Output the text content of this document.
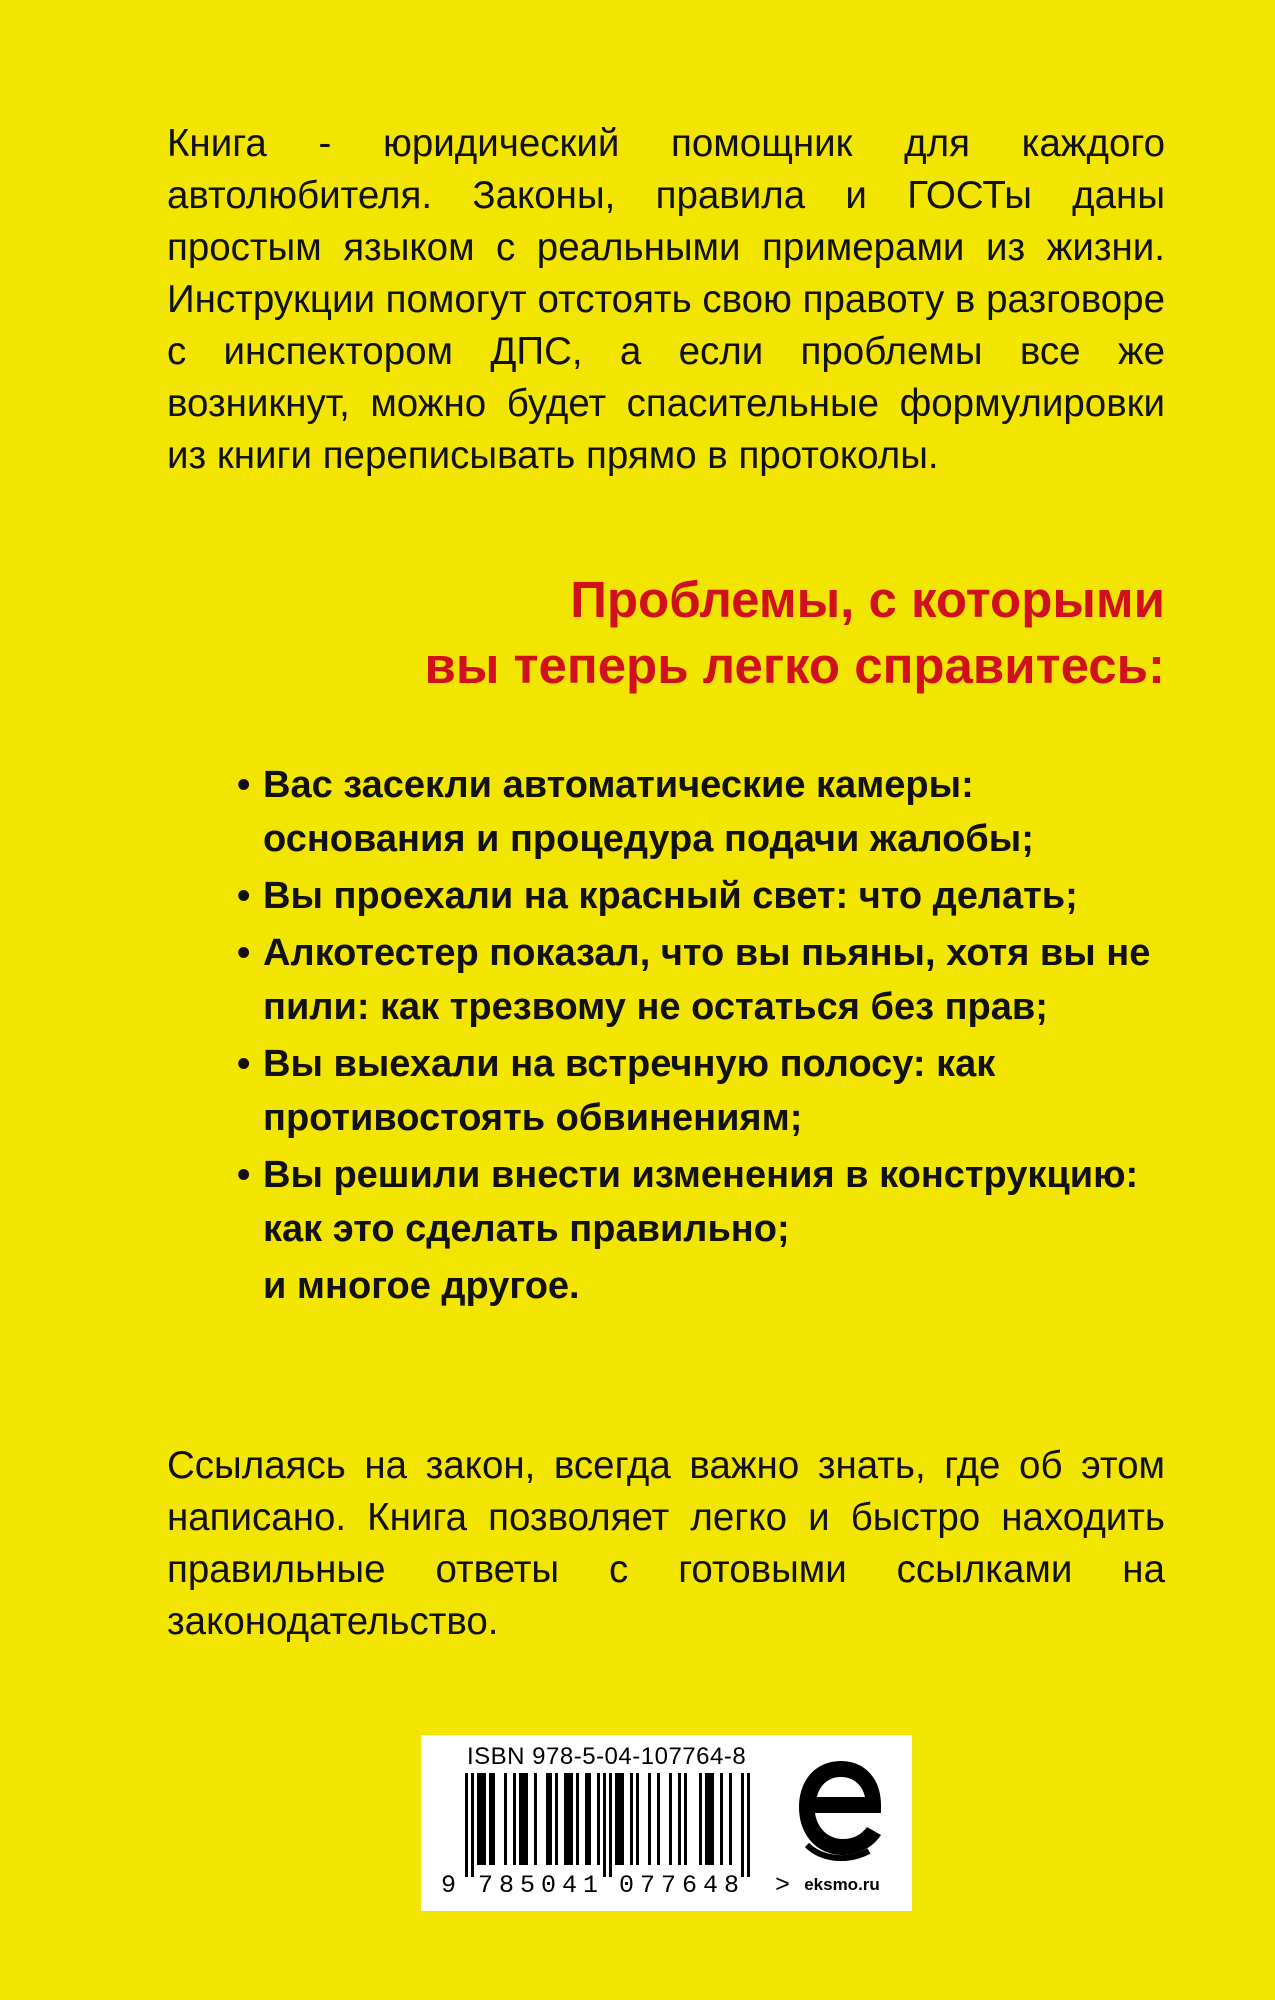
Книга - юридический помощник для каждого автолюбителя. Законы, правила и ГОСТы даны простым языком с реальными примерами из жизни. Инструкции помогут отстоять свою правоту в разговоре с инспектором ДПС, а если проблемы все же возникнут, можно будет спасительные формулировки из книги переписывать прямо в протоколы.

Проблемы, с которыми
вы теперь легко справитесь:
• Вас засекли автоматические камеры: основания и процедура подачи жалобы;
• Вы проехали на красный свет: что делать;
• Алкотестер показал, что вы пьяны, хотя вы не пили: как трезвому не остаться без прав;
• Вы выехали на встречную полосу: как противостоять обвинениям;
• Вы решили внести изменения в конструкцию: как это сделать правильно;
и многое другое.

Ссылаясь на закон, всегда важно знать, где об этом написано. Книга позволяет легко и быстро находить правильные ответы с готовыми ссылками на законодательство.

ISBN 978-5-04-107764-8
9 785041 077648 > eksmo.ru
